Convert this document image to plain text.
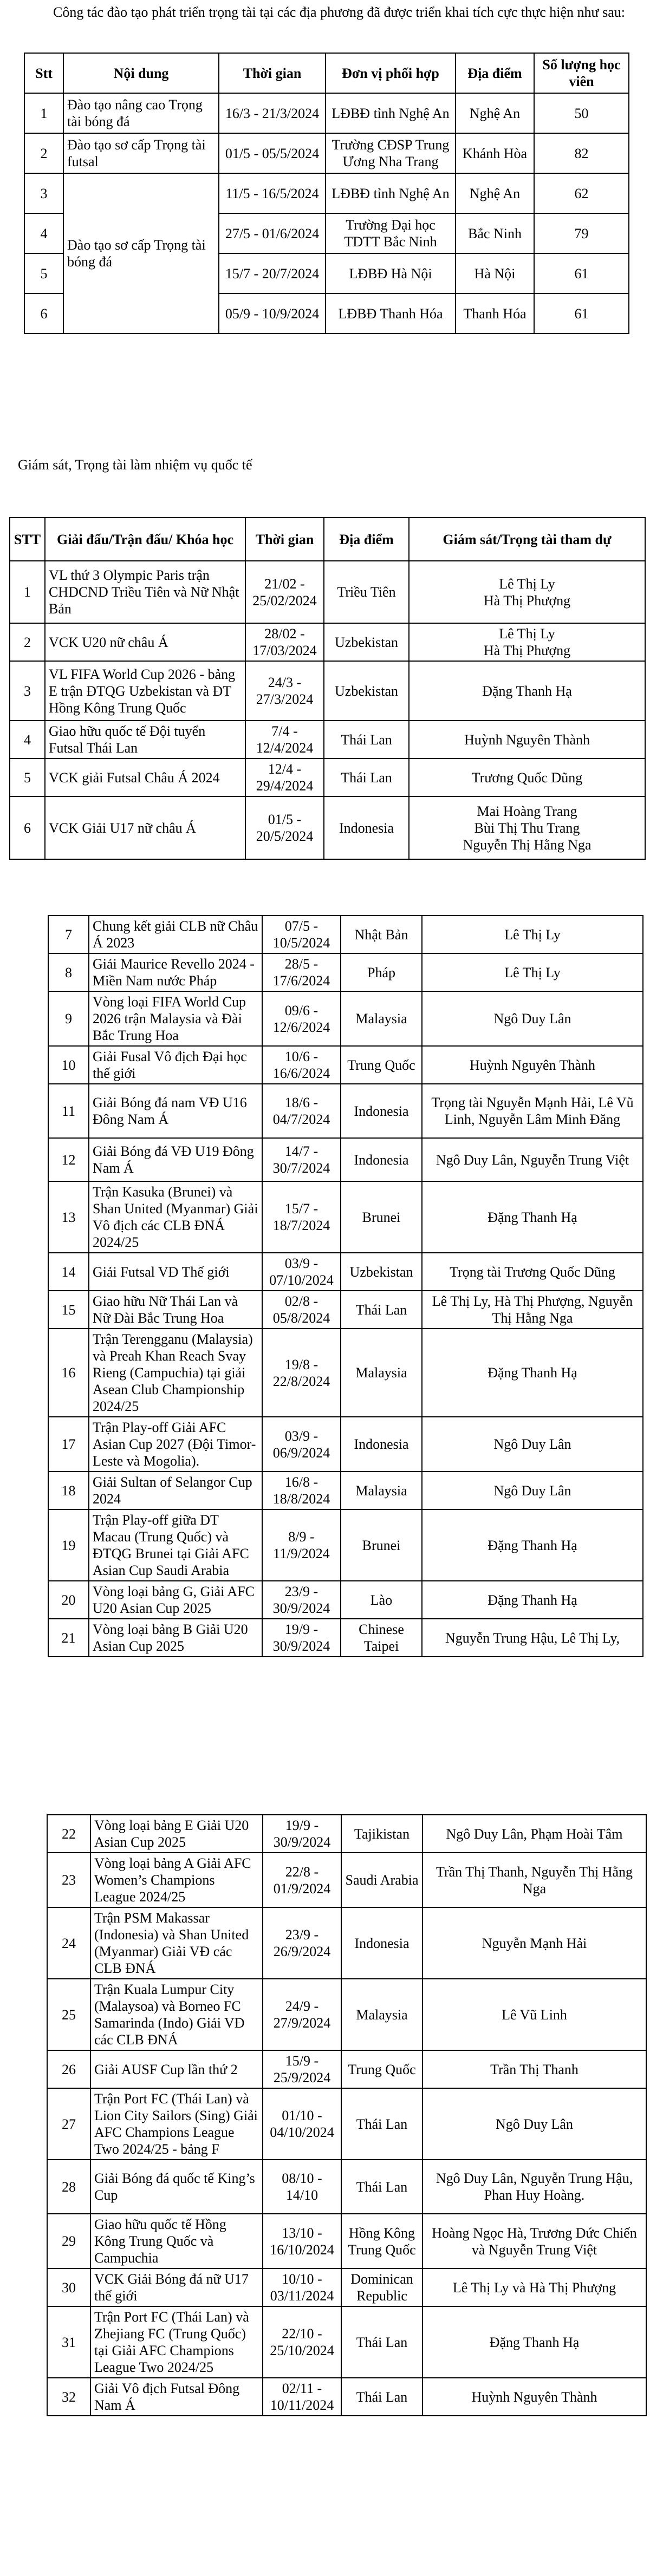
Công tác đào tạo phát triển trọng tài tại các địa phương đã được triển khai tích cực thực hiện như sau:
Stt	Nội dung	Thời gian	Đơn vị phối hợp	Địa điểm	Số lượng học viên
1	Đào tạo nâng cao Trọng tài bóng đá	16/3 - 21/3/2024	LĐBĐ tỉnh Nghệ An	Nghệ An	50
2	Đào tạo sơ cấp Trọng tài futsal	01/5 - 05/5/2024	Trường CĐSP Trung Ương Nha Trang	Khánh Hòa	82
3	Đào tạo sơ cấp Trọng tài bóng đá	11/5 - 16/5/2024	LĐBĐ tỉnh Nghệ An	Nghệ An	62
4		27/5 - 01/6/2024	Trường Đại học TDTT Bắc Ninh	Bắc Ninh	79
5		15/7 - 20/7/2024	LĐBĐ Hà Nội	Hà Nội	61
6		05/9 - 10/9/2024	LĐBĐ Thanh Hóa	Thanh Hóa	61
Giám sát, Trọng tài làm nhiệm vụ quốc tế
STT	Giải đấu/Trận đấu/ Khóa học	Thời gian	Địa điểm	Giám sát/Trọng tài tham dự
1	VL thứ 3 Olympic Paris trận CHDCND Triều Tiên và Nữ Nhật Bản	21/02 - 25/02/2024	Triều Tiên	Lê Thị Ly
Hà Thị Phượng
2	VCK U20 nữ châu Á	28/02 - 17/03/2024	Uzbekistan	Lê Thị Ly
Hà Thị Phượng
3	VL FIFA World Cup 2026 - bảng E trận ĐTQG Uzbekistan và ĐT Hồng Kông Trung Quốc	24/3 - 27/3/2024	Uzbekistan	Đặng Thanh Hạ
4	Giao hữu quốc tế Đội tuyển Futsal Thái Lan	7/4 - 12/4/2024	Thái Lan	Huỳnh Nguyên Thành
5	VCK giải Futsal Châu Á 2024	12/4 - 29/4/2024	Thái Lan	Trương Quốc Dũng
6	VCK Giải U17 nữ châu Á	01/5 - 20/5/2024	Indonesia	Mai Hoàng Trang
Bùi Thị Thu Trang
Nguyễn Thị Hằng Nga
7	Chung kết giải CLB nữ Châu Á 2023	07/5 - 10/5/2024	Nhật Bản	Lê Thị Ly
8	Giải Maurice Revello 2024 - Miền Nam nước Pháp	28/5 - 17/6/2024	Pháp	Lê Thị Ly
9	Vòng loại FIFA World Cup 2026 trận Malaysia và Đài Bắc Trung Hoa	09/6 - 12/6/2024	Malaysia	Ngô Duy Lân
10	Giải Fusal Vô địch Đại học thế giới	10/6 - 16/6/2024	Trung Quốc	Huỳnh Nguyên Thành
11	Giải Bóng đá nam VĐ U16 Đông Nam Á	18/6 - 04/7/2024	Indonesia	Trọng tài Nguyễn Mạnh Hải, Lê Vũ Linh, Nguyễn Lâm Minh Đăng
12	Giải Bóng đá VĐ U19 Đông Nam Á	14/7 - 30/7/2024	Indonesia	Ngô Duy Lân, Nguyễn Trung Việt
13	Trận Kasuka (Brunei) và Shan United (Myanmar) Giải Vô địch các CLB ĐNÁ 2024/25	15/7 - 18/7/2024	Brunei	Đặng Thanh Hạ
14	Giải Futsal VĐ Thế giới	03/9 - 07/10/2024	Uzbekistan	Trọng tài Trương Quốc Dũng
15	Giao hữu Nữ Thái Lan và Nữ Đài Bắc Trung Hoa	02/8 - 05/8/2024	Thái Lan	Lê Thị Ly, Hà Thị Phượng, Nguyễn Thị Hằng Nga
16	Trận Terengganu (Malaysia) và Preah Khan Reach Svay Rieng (Campuchia) tại giải Asean Club Championship 2024/25	19/8 - 22/8/2024	Malaysia	Đặng Thanh Hạ
17	Trận Play-off Giải AFC Asian Cup 2027 (Đội Timor-Leste và Mogolia).	03/9 - 06/9/2024	Indonesia	Ngô Duy Lân
18	Giải Sultan of Selangor Cup 2024	16/8 - 18/8/2024	Malaysia	Ngô Duy Lân
19	Trận Play-off giữa ĐT Macau (Trung Quốc) và ĐTQG Brunei tại Giải AFC Asian Cup Saudi Arabia	8/9 - 11/9/2024	Brunei	Đặng Thanh Hạ
20	Vòng loại bảng G, Giải AFC U20 Asian Cup 2025	23/9 - 30/9/2024	Lào	Đặng Thanh Hạ
21	Vòng loại bảng B Giải U20 Asian Cup 2025	19/9 - 30/9/2024	Chinese Taipei	Nguyễn Trung Hậu, Lê Thị Ly,
22	Vòng loại bảng E Giải U20 Asian Cup 2025	19/9 - 30/9/2024	Tajikistan	Ngô Duy Lân, Phạm Hoài Tâm
23	Vòng loại bảng A Giải AFC Women’s Champions League 2024/25	22/8 - 01/9/2024	Saudi Arabia	Trần Thị Thanh, Nguyễn Thị Hằng Nga
24	Trận PSM Makassar (Indonesia) và Shan United (Myanmar) Giải VĐ các CLB ĐNÁ	23/9 - 26/9/2024	Indonesia	Nguyễn Mạnh Hải
25	Trận Kuala Lumpur City (Malaysoa) và Borneo FC Samarinda (Indo) Giải VĐ các CLB ĐNÁ	24/9 - 27/9/2024	Malaysia	Lê Vũ Linh
26	Giải AUSF Cup lần thứ 2	15/9 - 25/9/2024	Trung Quốc	Trần Thị Thanh
27	Trận Port FC (Thái Lan) và Lion City Sailors (Sing) Giải AFC Champions League Two 2024/25 - bảng F	01/10 - 04/10/2024	Thái Lan	Ngô Duy Lân
28	Giải Bóng đá quốc tế King’s Cup	08/10 - 14/10	Thái Lan	Ngô Duy Lân, Nguyễn Trung Hậu, Phan Huy Hoàng.
29	Giao hữu quốc tế Hồng Kông Trung Quốc và Campuchia	13/10 - 16/10/2024	Hồng Kông Trung Quốc	Hoàng Ngọc Hà, Trương Đức Chiến và Nguyễn Trung Việt
30	VCK Giải Bóng đá nữ U17 thế giới	10/10 - 03/11/2024	Dominican Republic	Lê Thị Ly và Hà Thị Phượng
31	Trận Port FC (Thái Lan) và Zhejiang FC (Trung Quốc) tại Giải AFC Champions League Two 2024/25	22/10 - 25/10/2024	Thái Lan	Đặng Thanh Hạ
32	Giải Vô địch Futsal Đông Nam Á	02/11 - 10/11/2024	Thái Lan	Huỳnh Nguyên Thành
